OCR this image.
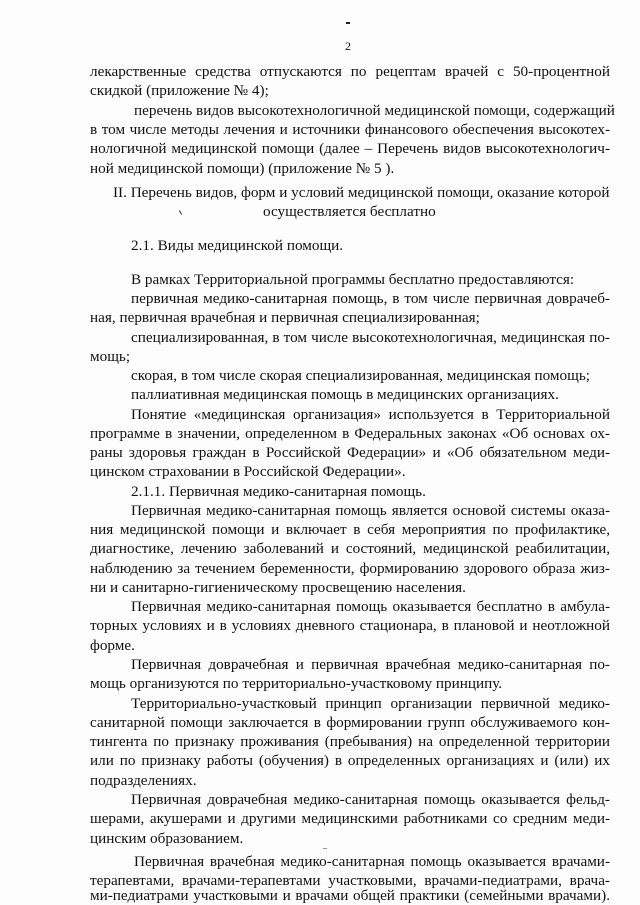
2
лекарственные средства отпускаются по рецептам врачей с 50-процентной
скидкой (приложение № 4);
перечень видов высокотехнологичной медицинской помощи, содержащий
в том числе методы лечения и источники финансового обеспечения высокотех-
нологичной медицинской помощи (далее – Перечень видов высокотехнологич-
ной медицинской помощи) (приложение № 5 ).
II. Перечень видов, форм и условий медицинской помощи, оказание которой
осуществляется бесплатно
2.1. Виды медицинской помощи.
В рамках Территориальной программы бесплатно предоставляются:
первичная медико-санитарная помощь, в том числе первичная доврачеб-
ная, первичная врачебная и первичная специализированная;
специализированная, в том числе высокотехнологичная, медицинская по-
мощь;
скорая, в том числе скорая специализированная, медицинская помощь;
паллиативная медицинская помощь в медицинских организациях.
Понятие «медицинская организация» используется в Территориальной
программе в значении, определенном в Федеральных законах «Об основах ох-
раны здоровья граждан в Российской Федерации» и «Об обязательном меди-
цинском страховании в Российской Федерации».
2.1.1. Первичная медико-санитарная помощь.
Первичная медико-санитарная помощь является основой системы оказа-
ния медицинской помощи и включает в себя мероприятия по профилактике,
диагностике, лечению заболеваний и состояний, медицинской реабилитации,
наблюдению за течением беременности, формированию здорового образа жиз-
ни и санитарно-гигиеническому просвещению населения.
Первичная медико-санитарная помощь оказывается бесплатно в амбула-
торных условиях и в условиях дневного стационара, в плановой и неотложной
форме.
Первичная доврачебная и первичная врачебная медико-санитарная по-
мощь организуются по территориально-участковому принципу.
Территориально-участковый принцип организации первичной медико-
санитарной помощи заключается в формировании групп обслуживаемого кон-
тингента по признаку проживания (пребывания) на определенной территории
или по признаку работы (обучения) в определенных организациях и (или) их
подразделениях.
Первичная доврачебная медико-санитарная помощь оказывается фельд-
шерами, акушерами и другими медицинскими работниками со средним меди-
цинским образованием.
Первичная врачебная медико-санитарная помощь оказывается врачами-
терапевтами, врачами-терапевтами участковыми, врачами-педиатрами, врача-
ми-педиатрами участковыми и врачами общей практики (семейными врачами).
